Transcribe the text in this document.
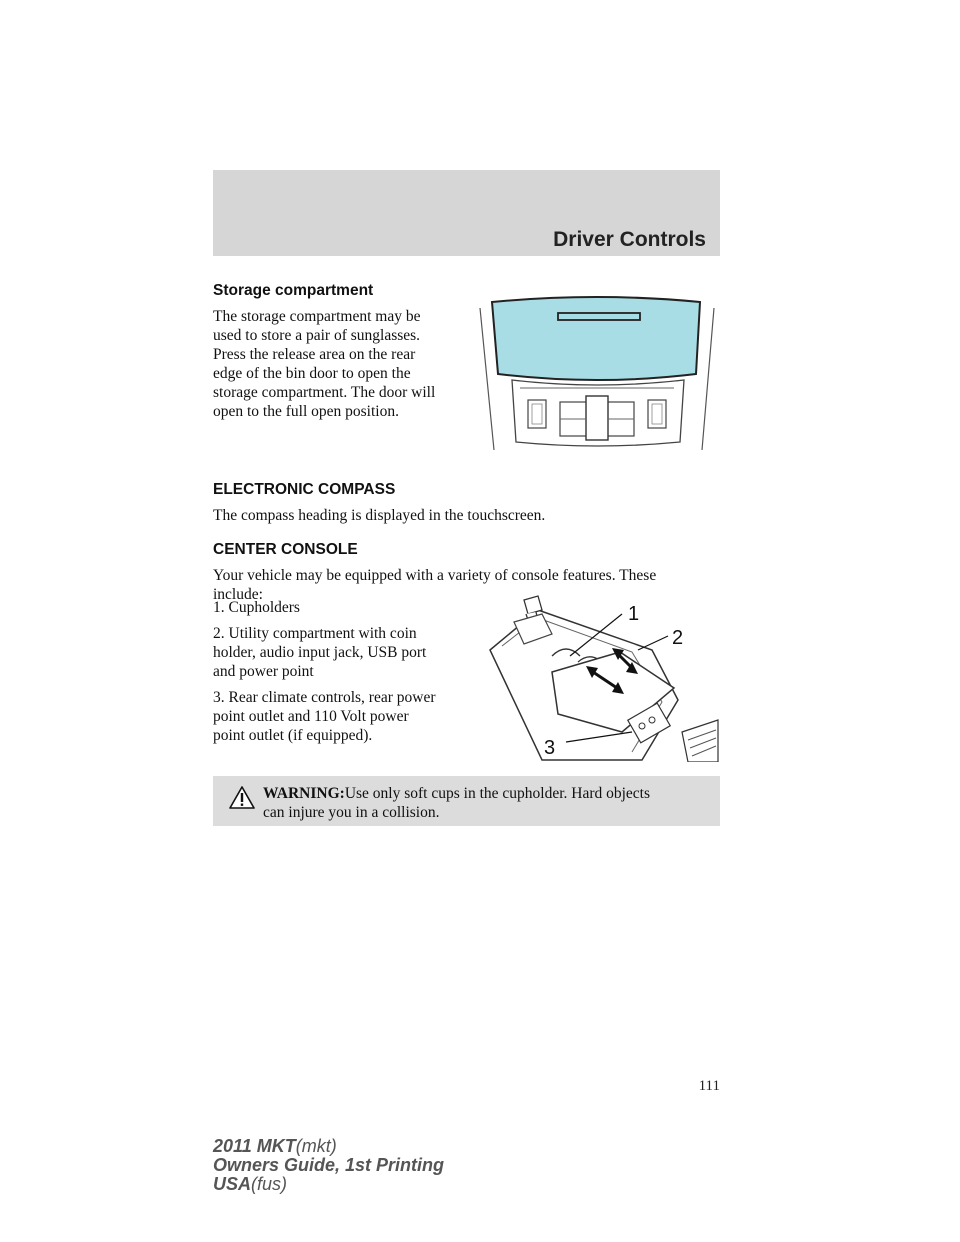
Driver Controls
Storage compartment

The storage compartment may be

used to store a pair of sunglasses.

Press the release area on the rear

edge of the bin door to open the

storage compartment. The door will

open to the full open position.

ELECTRONIC COMPASS

The compass heading is displayed in the touchscreen.

CENTER CONSOLE

Your vehicle may be equipped with a variety of console features. These

include:

1. Cupholders

2. Utility compartment with coin

holder, audio input jack, USB port

and power point

3. Rear climate controls, rear power

point outlet and 110 Volt power

point outlet (if equipped).

1
2
3

WARNING:Use only soft cups in the cupholder. Hard objects
can injure you in a collision.

111
2011 MKT(mkt)
Owners Guide, 1st Printing
USA(fus)
